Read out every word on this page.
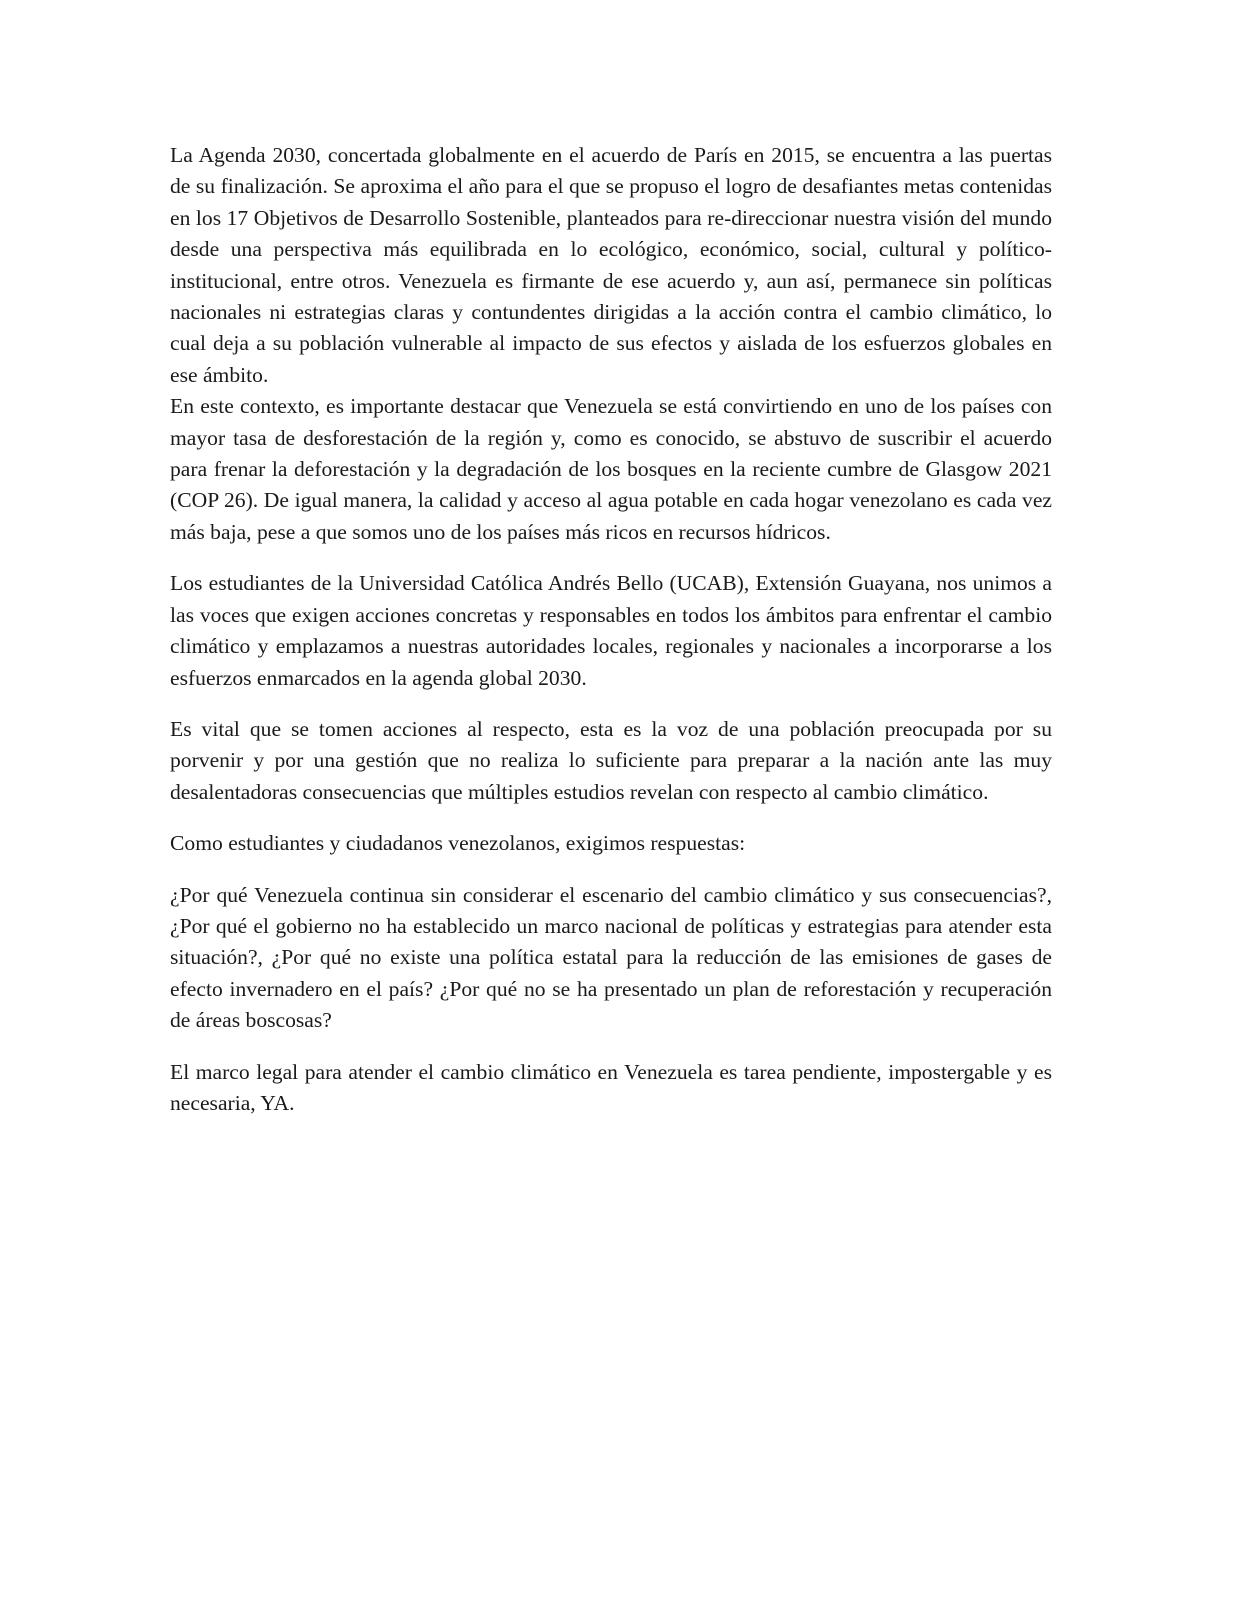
La Agenda 2030, concertada globalmente en el acuerdo de París en 2015, se encuentra a las puertas de su finalización. Se aproxima el año para el que se propuso el logro de desafiantes metas contenidas en los 17 Objetivos de Desarrollo Sostenible, planteados para re-direccionar nuestra visión del mundo desde una perspectiva más equilibrada en lo ecológico, económico, social, cultural y político-institucional, entre otros. Venezuela es firmante de ese acuerdo y, aun así, permanece sin políticas nacionales ni estrategias claras y contundentes dirigidas a la acción contra el cambio climático, lo cual deja a su población vulnerable al impacto de sus efectos y aislada de los esfuerzos globales en ese ámbito.

En este contexto, es importante destacar que Venezuela se está convirtiendo en uno de los países con mayor tasa de desforestación de la región y, como es conocido, se abstuvo de suscribir el acuerdo para frenar la deforestación y la degradación de los bosques en la reciente cumbre de Glasgow 2021 (COP 26). De igual manera, la calidad y acceso al agua potable en cada hogar venezolano es cada vez más baja, pese a que somos uno de los países más ricos en recursos hídricos.

Los estudiantes de la Universidad Católica Andrés Bello (UCAB), Extensión Guayana, nos unimos a las voces que exigen acciones concretas y responsables en todos los ámbitos para enfrentar el cambio climático y emplazamos a nuestras autoridades locales, regionales y nacionales a incorporarse a los esfuerzos enmarcados en la agenda global 2030.

Es vital que se tomen acciones al respecto, esta es la voz de una población preocupada por su porvenir y por una gestión que no realiza lo suficiente para preparar a la nación ante las muy desalentadoras consecuencias que múltiples estudios revelan con respecto al cambio climático.

Como estudiantes y ciudadanos venezolanos, exigimos respuestas:

¿Por qué Venezuela continua sin considerar el escenario del cambio climático y sus consecuencias?, ¿Por qué el gobierno no ha establecido un marco nacional de políticas y estrategias para atender esta situación?, ¿Por qué no existe una política estatal para la reducción de las emisiones de gases de efecto invernadero en el país? ¿Por qué no se ha presentado un plan de reforestación y recuperación de áreas boscosas?

El marco legal para atender el cambio climático en Venezuela es tarea pendiente, impostergable y es necesaria, YA.
